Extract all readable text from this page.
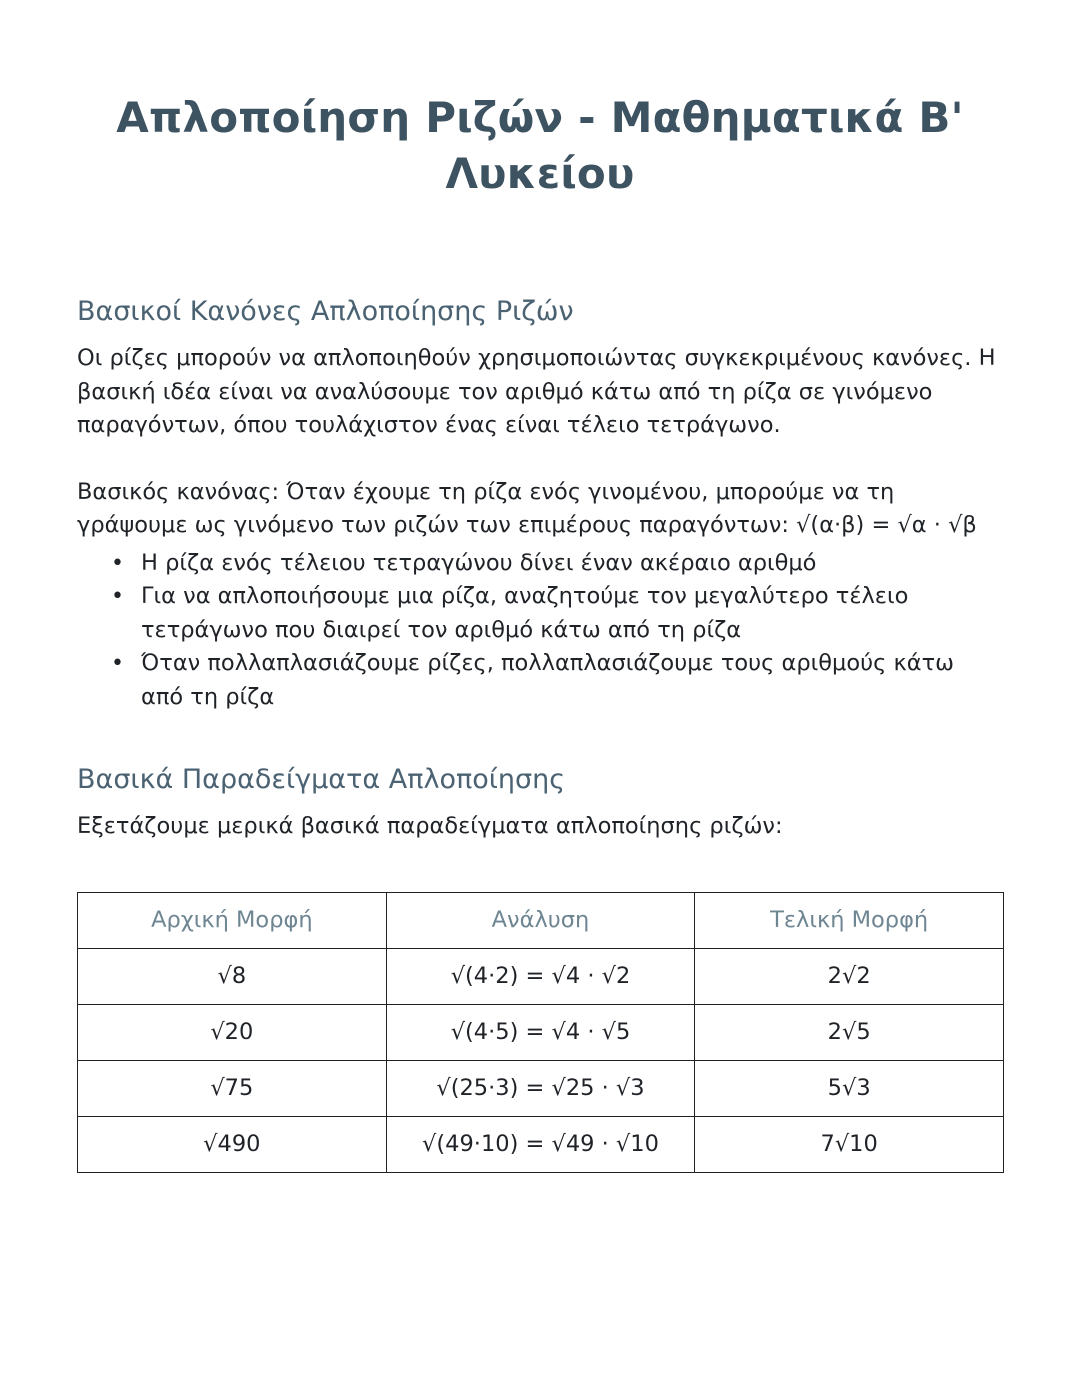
Απλοποίηση Ριζών - Μαθηματικά Β' Λυκείου
Βασικοί Κανόνες Απλοποίησης Ριζών

Οι ρίζες μπορούν να απλοποιηθούν χρησιμοποιώντας συγκεκριμένους κανόνες. Η βασική ιδέα είναι να αναλύσουμε τον αριθμό κάτω από τη ρίζα σε γινόμενο παραγόντων, όπου τουλάχιστον ένας είναι τέλειο τετράγωνο.

Βασικός κανόνας: Όταν έχουμε τη ρίζα ενός γινομένου, μπορούμε να τη γράψουμε ως γινόμενο των ριζών των επιμέρους παραγόντων: √(α·β) = √α · √β

• Η ρίζα ενός τέλειου τετραγώνου δίνει έναν ακέραιο αριθμό
• Για να απλοποιήσουμε μια ρίζα, αναζητούμε τον μεγαλύτερο τέλειο τετράγωνο που διαιρεί τον αριθμό κάτω από τη ρίζα
• Όταν πολλαπλασιάζουμε ρίζες, πολλαπλασιάζουμε τους αριθμούς κάτω από τη ρίζα
Βασικά Παραδείγματα Απλοποίησης

Εξετάζουμε μερικά βασικά παραδείγματα απλοποίησης ριζών:

Αρχική Μορφή	Ανάλυση	Τελική Μορφή
√8	√(4·2) = √4 · √2	2√2
√20	√(4·5) = √4 · √5	2√5
√75	√(25·3) = √25 · √3	5√3
√490	√(49·10) = √49 · √10	7√10
